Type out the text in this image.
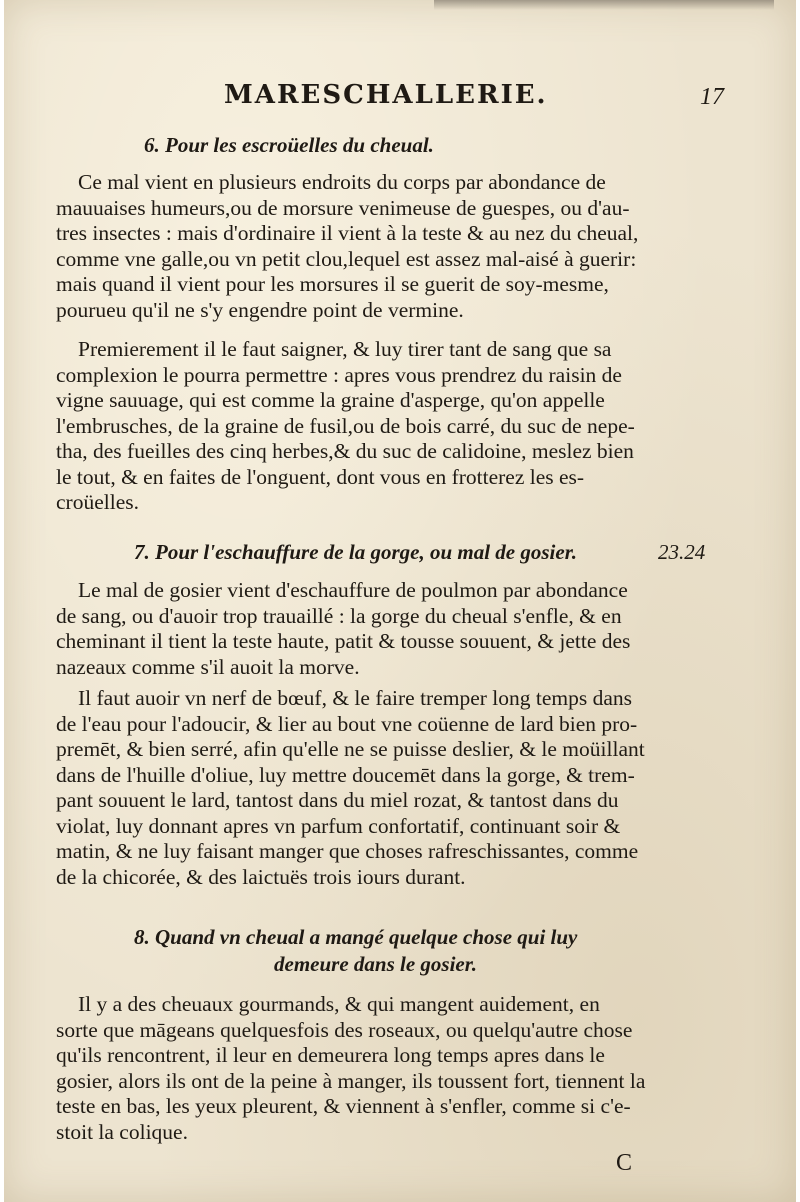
MARESCHALLERIE.	17
6. Pour les escroüelles du cheual.
Ce mal vient en plusieurs endroits du corps par abondance de
mauuaises humeurs,ou de morsure venimeuse de guespes, ou d'au-
tres insectes : mais d'ordinaire il vient à la teste & au nez du cheual,
comme vne galle,ou vn petit clou,lequel est assez mal-aisé à guerir:
mais quand il vient pour les morsures il se guerit de soy-mesme,
pourueu qu'il ne s'y engendre point de vermine.
Premierement il le faut saigner, & luy tirer tant de sang que sa
complexion le pourra permettre : apres vous prendrez du raisin de
vigne sauuage, qui est comme la graine d'asperge, qu'on appelle
l'embrusches, de la graine de fusil,ou de bois carré, du suc de nepe-
tha, des fueilles des cinq herbes,& du suc de calidoine, meslez bien
le tout, & en faites de l'onguent, dont vous en frotterez les es-
croüelles.
7. Pour l'eschauffure de la gorge, ou mal de gosier.	23.24
Le mal de gosier vient d'eschauffure de poulmon par abondance
de sang, ou d'auoir trop trauaillé : la gorge du cheual s'enfle, & en
cheminant il tient la teste haute, patit & tousse souuent, & jette des
nazeaux comme s'il auoit la morve.
Il faut auoir vn nerf de bœuf, & le faire tremper long temps dans
de l'eau pour l'adoucir, & lier au bout vne coüenne de lard bien pro-
premēt, & bien serré, afin qu'elle ne se puisse deslier, & le moüillant
dans de l'huille d'oliue, luy mettre doucemēt dans la gorge, & trem-
pant souuent le lard, tantost dans du miel rozat, & tantost dans du
violat, luy donnant apres vn parfum confortatif, continuant soir &
matin, & ne luy faisant manger que choses rafreschissantes, comme
de la chicorée, & des laictuës trois iours durant.
8. Quand vn cheual a mangé quelque chose qui luy
demeure dans le gosier.
Il y a des cheuaux gourmands, & qui mangent auidement, en
sorte que māgeans quelquesfois des roseaux, ou quelqu'autre chose
qu'ils rencontrent, il leur en demeurera long temps apres dans le
gosier, alors ils ont de la peine à manger, ils toussent fort, tiennent la
teste en bas, les yeux pleurent, & viennent à s'enfler, comme si c'e-
stoit la colique.
C
